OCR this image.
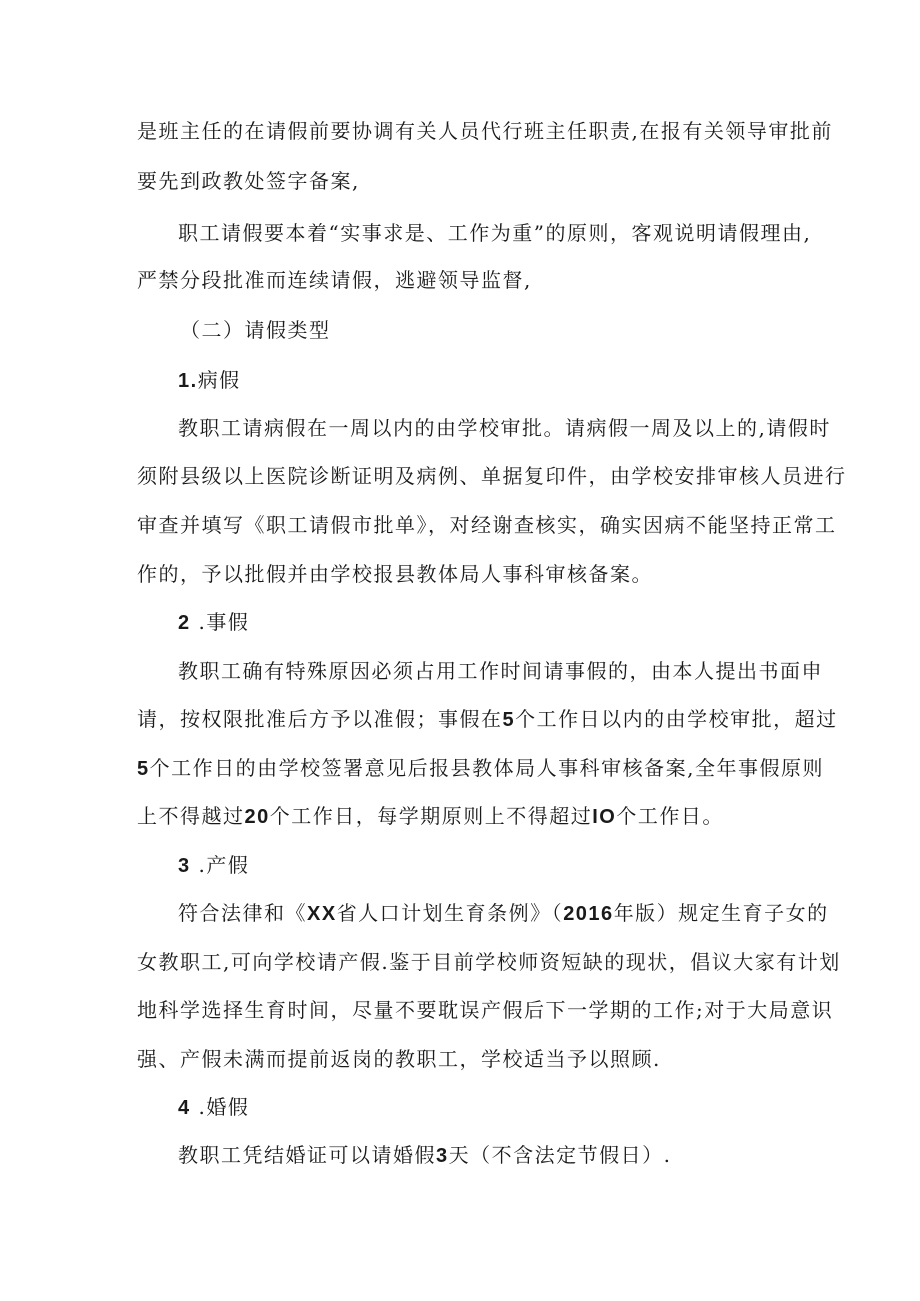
是班主任的在请假前要协调有关人员代行班主任职责,在报有关领导审批前
要先到政教处签字备案,
职工请假要本着“实事求是、工作为重”的原则，客观说明请假理由,
严禁分段批准而连续请假，逃避领导监督,
（二）请假类型
1.病假
教职工请病假在一周以内的由学校审批。请病假一周及以上的,请假时
须附县级以上医院诊断证明及病例、单据复印件，由学校安排审核人员进行
审查并填写《职工请假市批单》，对经谢查核实，确实因病不能坚持正常工
作的，予以批假并由学校报县教体局人事科审核备案。
2 .事假
教职工确有特殊原因必须占用工作时间请事假的，由本人提出书面申
请，按权限批准后方予以准假；事假在5个工作日以内的由学校审批，超过
5个工作日的由学校签署意见后报县教体局人事科审核备案,全年事假原则
上不得越过20个工作日，每学期原则上不得超过IO个工作日。
3 .产假
符合法律和《XX省人口计划生育条例》（2016年版）规定生育子女的
女教职工,可向学校请产假.鉴于目前学校师资短缺的现状，倡议大家有计划
地科学选择生育时间，尽量不要耽误产假后下一学期的工作;对于大局意识
强、产假未满而提前返岗的教职工，学校适当予以照顾.
4 .婚假
教职工凭结婚证可以请婚假3天（不含法定节假日）.
